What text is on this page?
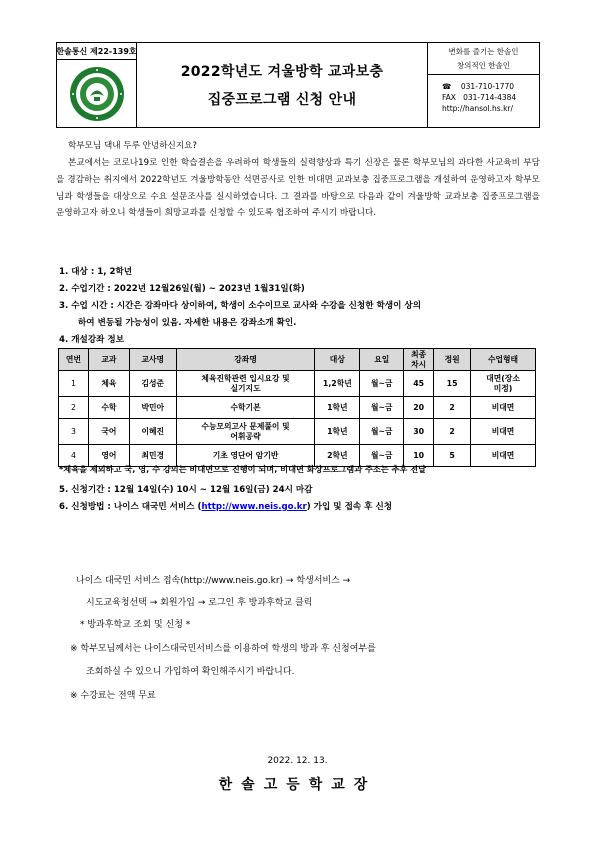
한솔통신 제22-139호
2022학년도 겨울방학 교과보충
집중프로그램 신청 안내
변화를 즐기는 한솔인
창의적인 한솔인
☎ 031-710-1770
FAX 031-714-4384
http://hansol.hs.kr/
학부모님 댁내 두루 안녕하신지요?
본교에서는 코로나19로 인한 학습결손을 우려하여 학생들의 실력향상과 특기 신장은 물론 학부모님의 과다한 사교육비 부담을 경감하는 취지에서 2022학년도 겨울방학동안 석면공사로 인한 비대면 교과보충 집중프로그램을 개설하여 운영하고자 학부모님과 학생들을 대상으로 수요 설문조사를 실시하였습니다. 그 결과를 바탕으로 다음과 같이 겨울방학 교과보충 집중프로그램을 운영하고자 하오니 학생들이 희망교과를 신청할 수 있도록 협조하여 주시기 바랍니다.
1. 대상 : 1, 2학년
2. 수업기간 : 2022년 12월26일(월) ~ 2023년 1월31일(화)
3. 수업 시간 : 시간은 강좌마다 상이하여, 학생이 소수이므로 교사와 수강을 신청한 학생이 상의
하여 변동될 가능성이 있음. 자세한 내용은 강좌소개 확인.
4. 개설강좌 정보
연번	교과	교사명	강좌명	대상	요일	최종
차시	정원	수업형태
1	체육	김성준	체육진학관련 입시요강 및
실기지도	1,2학년	월~금	45	15	대면(장소
미정)
2	수학	박민아	수학기본	1학년	월~금	20	2	비대면
3	국어	이혜진	수능모의고사 문제풀이 및
어휘공략	1학년	월~금	30	2	비대면
4	영어	최민경	기초 영단어 암기반	2학년	월~금	10	5	비대면
*체육을 제외하고 국, 영, 수 강의는 비대면으로 진행이 되며, 비대면 화상프로그램과 주소는 추후 전달
5. 신청기간 : 12월 14일(수) 10시 ~ 12월 16일(금) 24시 마감
6. 신청방법 : 나이스 대국민 서비스 (http://www.neis.go.kr) 가입 및 접속 후 신청
나이스 대국민 서비스 접속(http://www.neis.go.kr) → 학생서비스 →
시도교육청선택 → 회원가입 → 로그인 후 방과후학교 클릭
* 방과후학교 조회 및 신청 *
※ 학부모님께서는 나이스대국민서비스를 이용하여 학생의 방과 후 신청여부를
조회하실 수 있으니 가입하여 확인해주시기 바랍니다.
※ 수강료는 전액 무료
2022. 12. 13.
한솔고등학교장
